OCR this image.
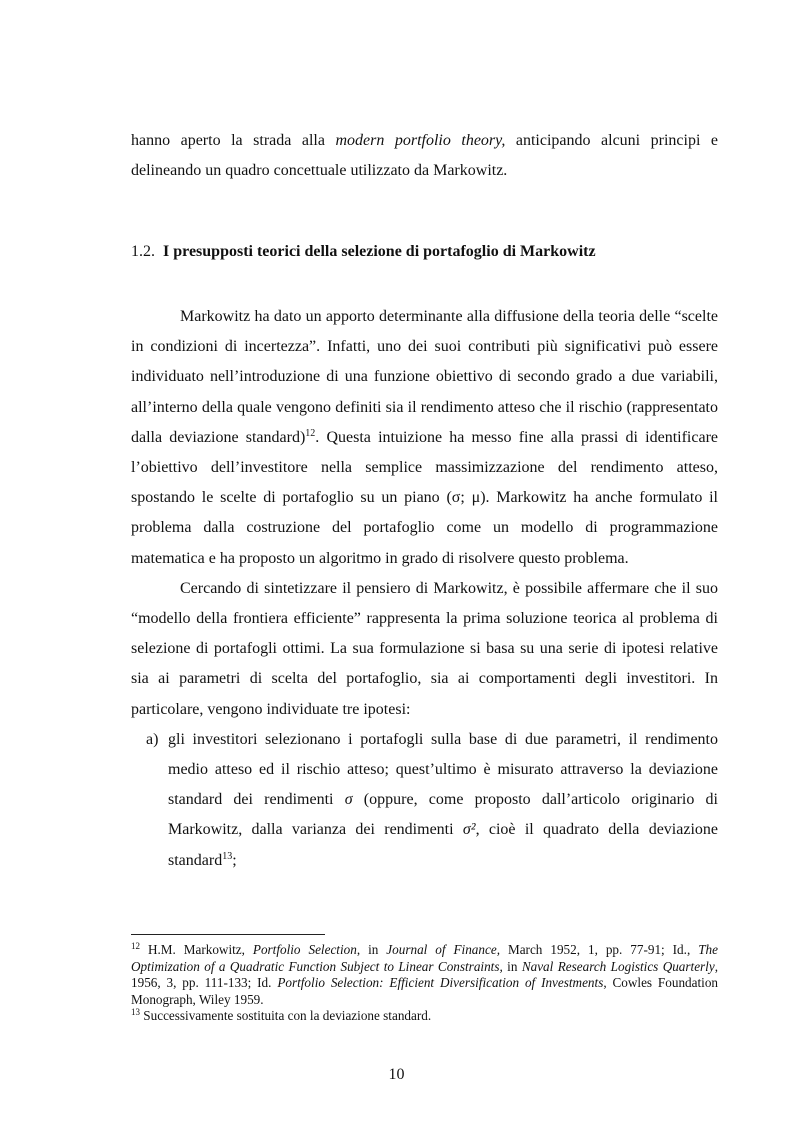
hanno aperto la strada alla modern portfolio theory, anticipando alcuni principi e delineando un quadro concettuale utilizzato da Markowitz.

1.2. I presupposti teorici della selezione di portafoglio di Markowitz

Markowitz ha dato un apporto determinante alla diffusione della teoria delle “scelte in condizioni di incertezza”. Infatti, uno dei suoi contributi più significativi può essere individuato nell’introduzione di una funzione obiettivo di secondo grado a due variabili, all’interno della quale vengono definiti sia il rendimento atteso che il rischio (rappresentato dalla deviazione standard)$^{12}$. Questa intuizione ha messo fine alla prassi di identificare l’obiettivo dell’investitore nella semplice massimizzazione del rendimento atteso, spostando le scelte di portafoglio su un piano (σ; μ). Markowitz ha anche formulato il problema dalla costruzione del portafoglio come un modello di programmazione matematica e ha proposto un algoritmo in grado di risolvere questo problema.

Cercando di sintetizzare il pensiero di Markowitz, è possibile affermare che il suo “modello della frontiera efficiente” rappresenta la prima soluzione teorica al problema di selezione di portafogli ottimi. La sua formulazione si basa su una serie di ipotesi relative sia ai parametri di scelta del portafoglio, sia ai comportamenti degli investitori. In particolare, vengono individuate tre ipotesi:

a) gli investitori selezionano i portafogli sulla base di due parametri, il rendimento medio atteso ed il rischio atteso; quest’ultimo è misurato attraverso la deviazione standard dei rendimenti σ (oppure, come proposto dall’articolo originario di Markowitz, dalla varianza dei rendimenti σ², cioè il quadrato della deviazione standard$^{13}$;

$^{12}$ H.M. Markowitz, Portfolio Selection, in Journal of Finance, March 1952, 1, pp. 77-91; Id., The Optimization of a Quadratic Function Subject to Linear Constraints, in Naval Research Logistics Quarterly, 1956, 3, pp. 111-133; Id. Portfolio Selection: Efficient Diversification of Investments, Cowles Foundation Monograph, Wiley 1959.

$^{13}$ Successivamente sostituita con la deviazione standard.

10
